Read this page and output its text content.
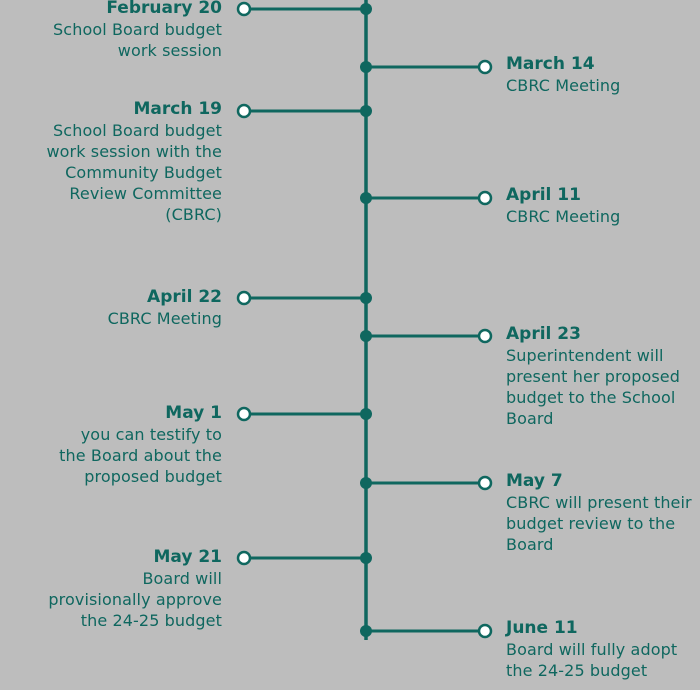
February 20
School Board budget work session
March 14
CBRC Meeting
March 19
School Board budget work session with the Community Budget Review Committee (CBRC)
April 11
CBRC Meeting
April 22
CBRC Meeting
April 23
Superintendent will present her proposed budget to the School Board
May 1
you can testify to the Board about the proposed budget	May 7
CBRC will present their budget review to the Board
May 21
Board will provisionally approve the 24-25 budget	June 11
Board will fully adopt the 24-25 budget
